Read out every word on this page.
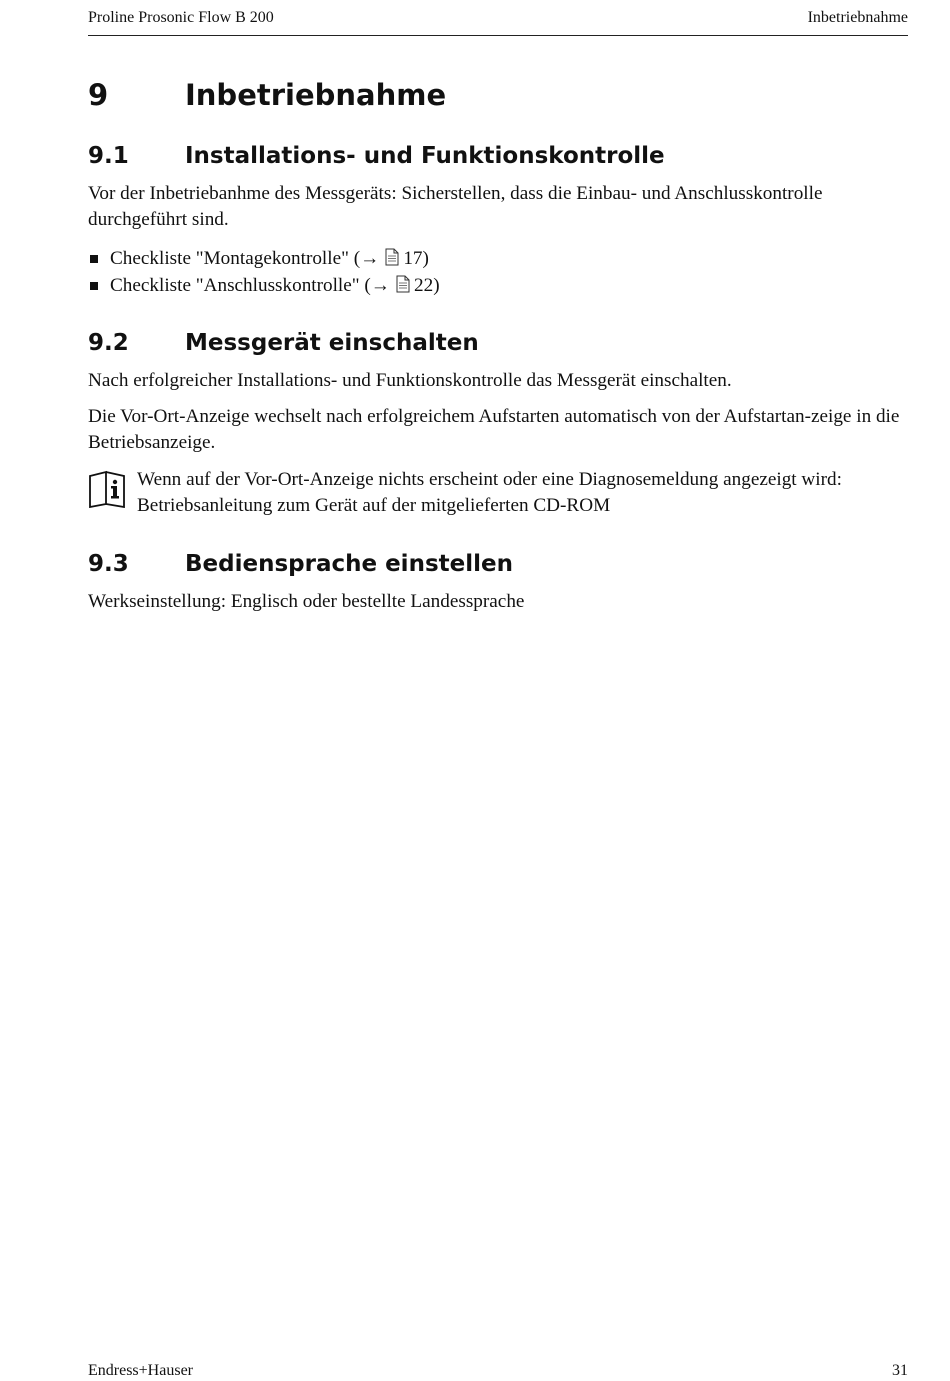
Proline Prosonic Flow B 200	Inbetriebnahme
9	Inbetriebnahme
9.1 Installations- und Funktionskontrolle
Vor der Inbetriebanhme des Messgeräts: Sicherstellen, dass die Einbau- und Anschlusskontrolle durchgeführt sind.
Checkliste "Montagekontrolle" (→ 17)
Checkliste "Anschlusskontrolle" (→ 22)
9.2 Messgerät einschalten
Nach erfolgreicher Installations- und Funktionskontrolle das Messgerät einschalten.
Die Vor-Ort-Anzeige wechselt nach erfolgreichem Aufstarten automatisch von der Aufstartan-zeige in die Betriebsanzeige.
Wenn auf der Vor-Ort-Anzeige nichts erscheint oder eine Diagnosemeldung angezeigt wird: Betriebsanleitung zum Gerät auf der mitgelieferten CD-ROM
9.3 Bediensprache einstellen
Werkseinstellung: Englisch oder bestellte Landessprache
Endress+Hauser	31
